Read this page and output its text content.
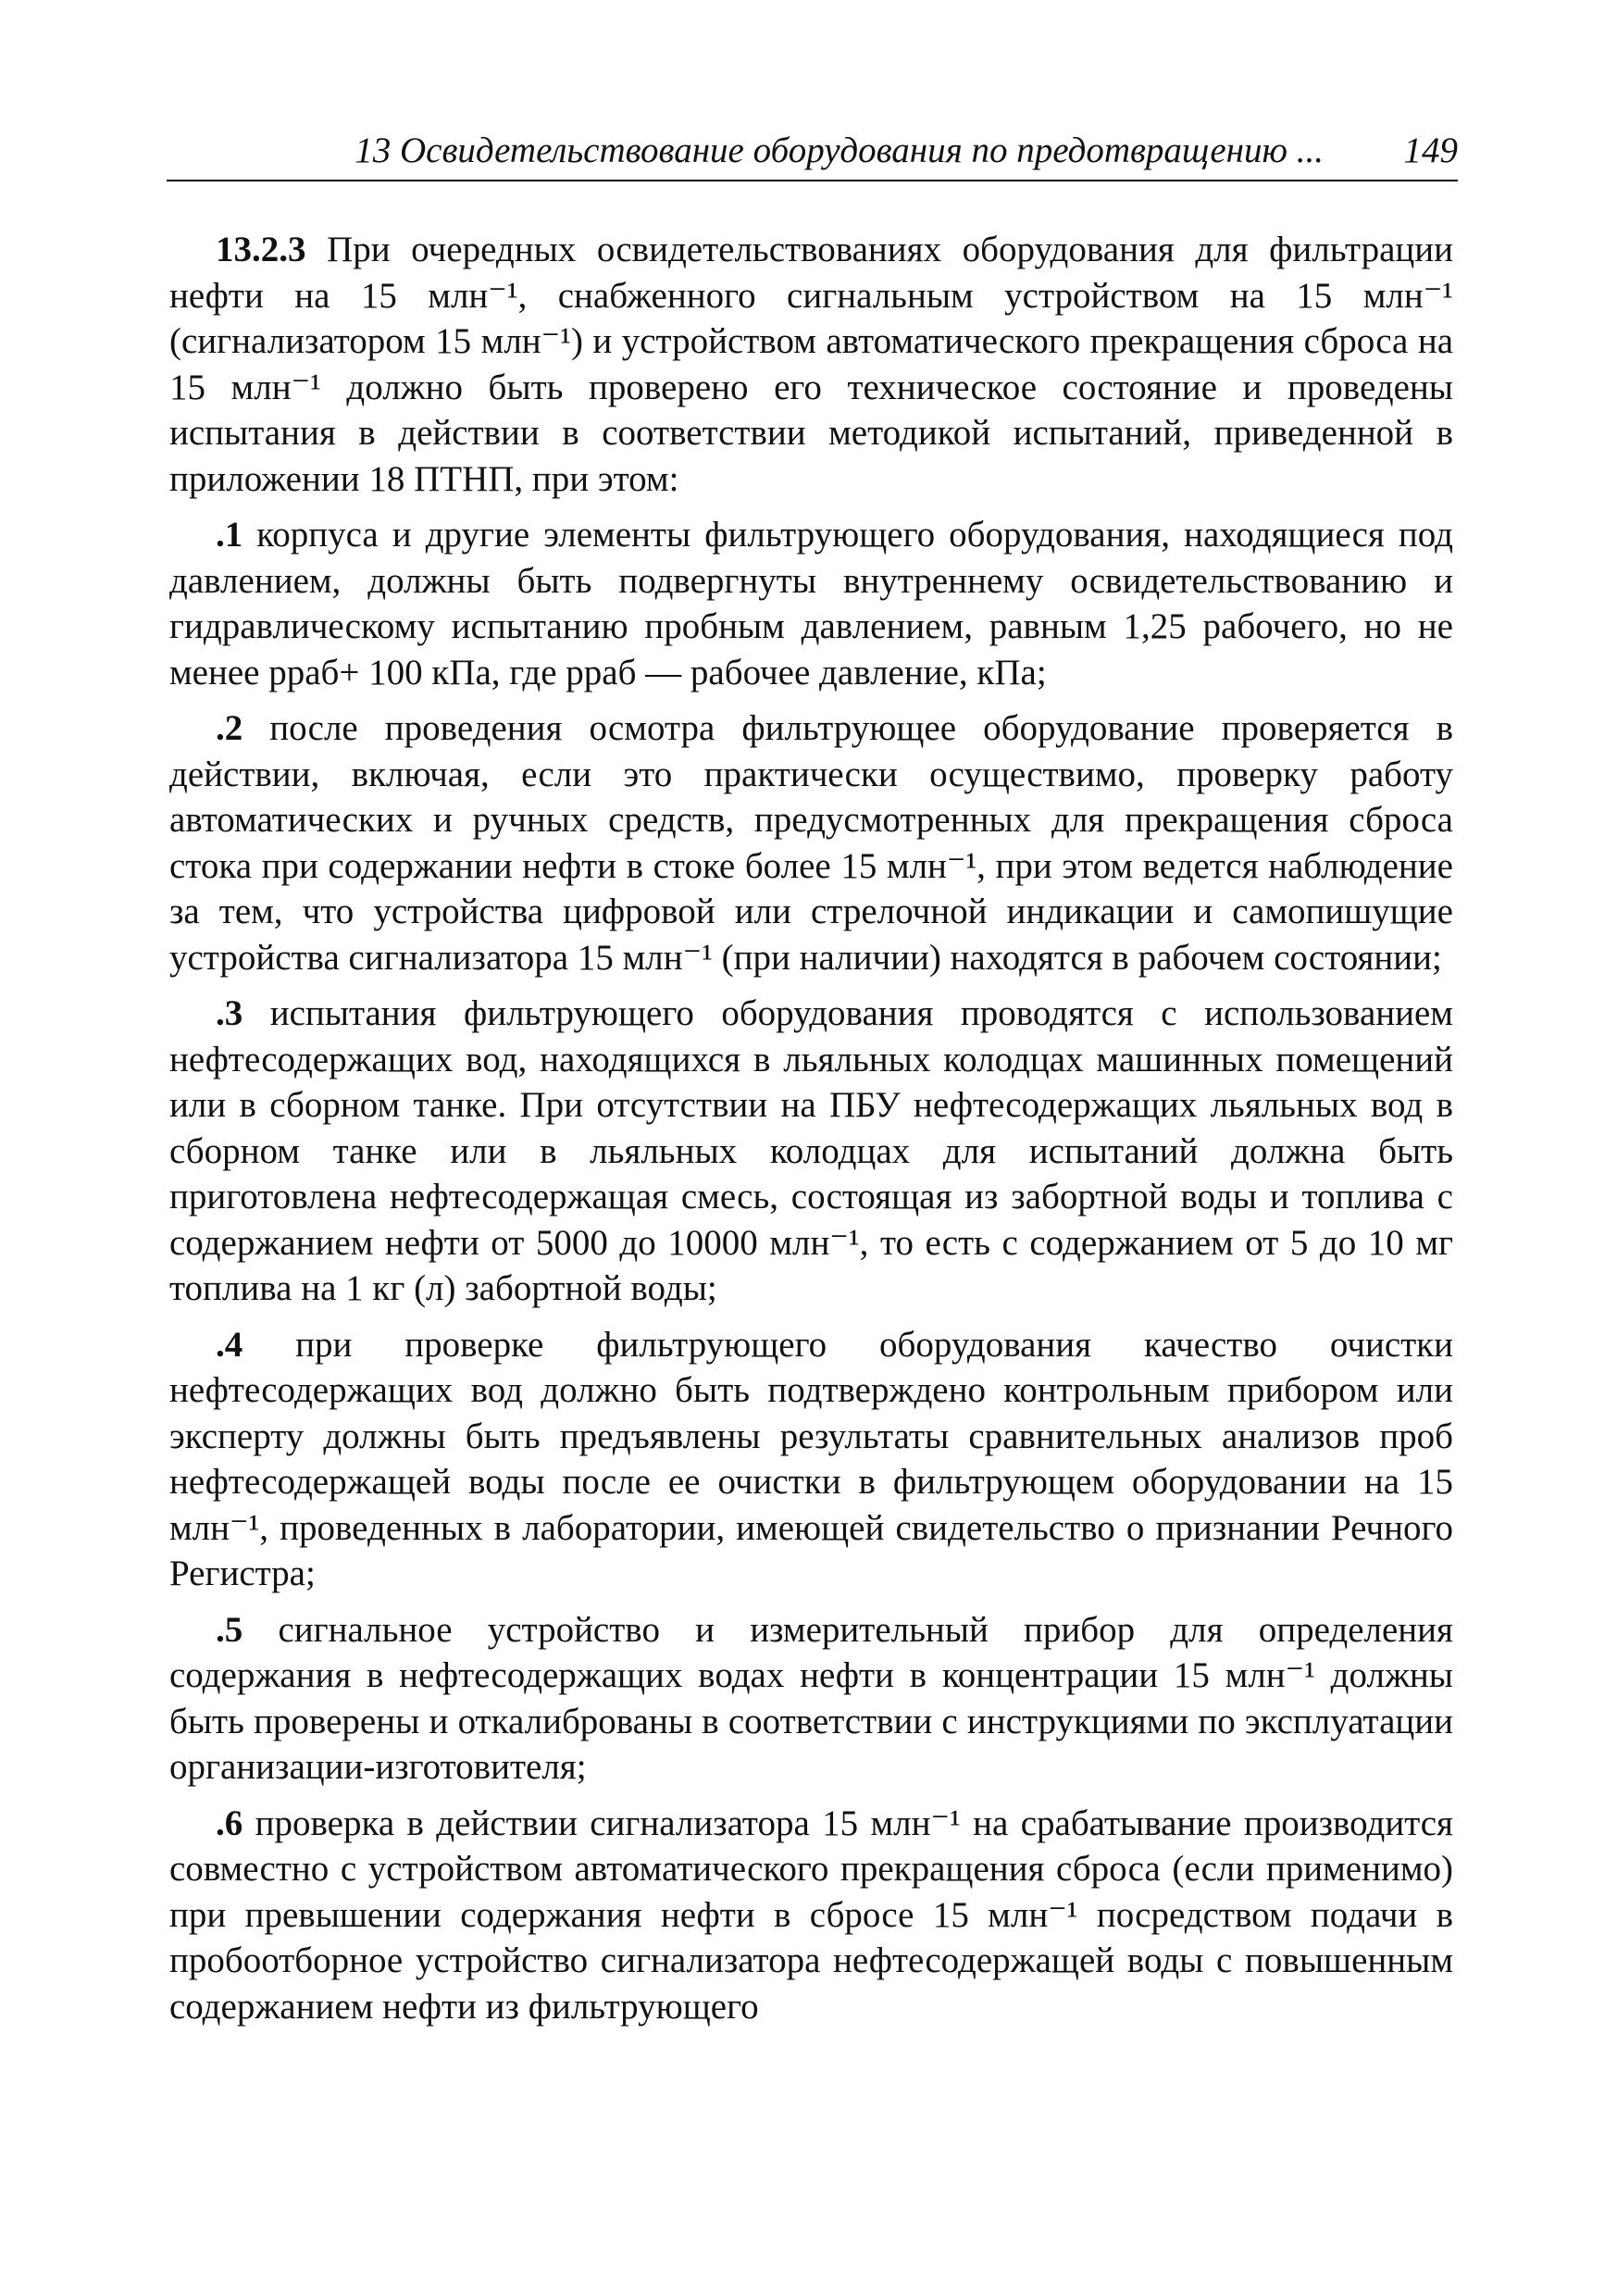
13 Освидетельствование оборудования по предотвращению ... 149

13.2.3 При очередных освидетельствованиях оборудования для фильтрации нефти на 15 млн⁻¹, снабженного сигнальным устройством на 15 млн⁻¹ (сигнализатором 15 млн⁻¹) и устройством автоматического прекращения сброса на 15 млн⁻¹ должно быть проверено его техническое состояние и проведены испытания в действии в соответствии методикой испытаний, приведенной в приложении 18 ПТНП, при этом:

.1 корпуса и другие элементы фильтрующего оборудования, находящиеся под давлением, должны быть подвергнуты внутреннему освидетельствованию и гидравлическому испытанию пробным давлением, равным 1,25 рабочего, но не менее pраб+ 100 кПа, где pраб — рабочее давление, кПа;

.2 после проведения осмотра фильтрующее оборудование проверяется в действии, включая, если это практически осуществимо, проверку работу автоматических и ручных средств, предусмотренных для прекращения сброса стока при содержании нефти в стоке более 15 млн⁻¹, при этом ведется наблюдение за тем, что устройства цифровой или стрелочной индикации и самопишущие устройства сигнализатора 15 млн⁻¹ (при наличии) находятся в рабочем состоянии;

.3 испытания фильтрующего оборудования проводятся с использованием нефтесодержащих вод, находящихся в льяльных колодцах машинных помещений или в сборном танке. При отсутствии на ПБУ нефтесодержащих льяльных вод в сборном танке или в льяльных колодцах для испытаний должна быть приготовлена нефтесодержащая смесь, состоящая из забортной воды и топлива с содержанием нефти от 5000 до 10000 млн⁻¹, то есть с содержанием от 5 до 10 мг топлива на 1 кг (л) забортной воды;

.4 при проверке фильтрующего оборудования качество очистки нефтесодержащих вод должно быть подтверждено контрольным прибором или эксперту должны быть предъявлены результаты сравнительных анализов проб нефтесодержащей воды после ее очистки в фильтрующем оборудовании на 15 млн⁻¹, проведенных в лаборатории, имеющей свидетельство о признании Речного Регистра;

.5 сигнальное устройство и измерительный прибор для определения содержания в нефтесодержащих водах нефти в концентрации 15 млн⁻¹ должны быть проверены и откалиброваны в соответствии с инструкциями по эксплуатации организации-изготовителя;

.6 проверка в действии сигнализатора 15 млн⁻¹ на срабатывание производится совместно с устройством автоматического прекращения сброса (если применимо) при превышении содержания нефти в сбросе 15 млн⁻¹ посредством подачи в пробоотборное устройство сигнализатора нефтесодержащей воды с повышенным содержанием нефти из фильтрующего
